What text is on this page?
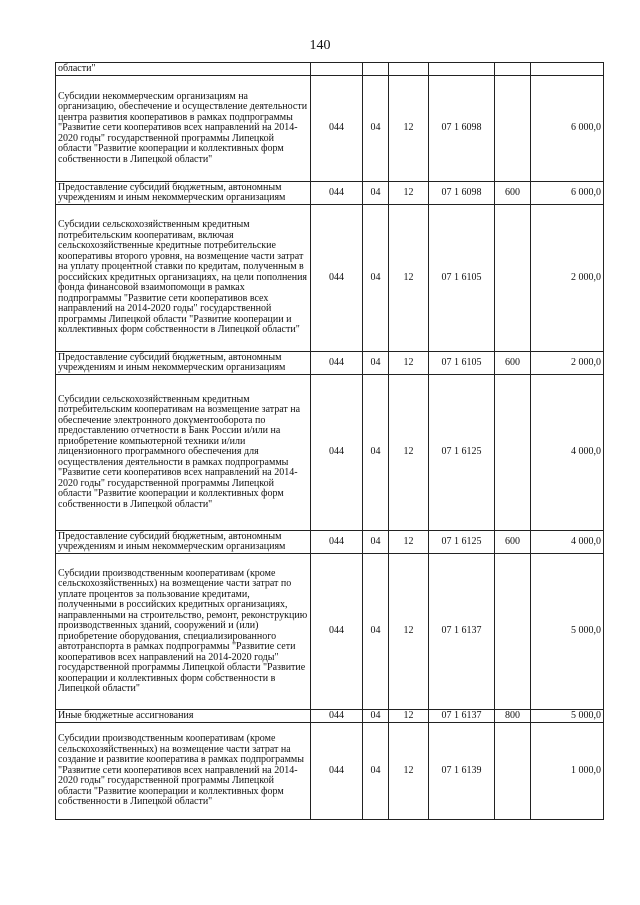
140
области"						
Субсидии некоммерческим организациям на организацию, обеспечение и осуществление деятельности центра развития кооперативов в рамках подпрограммы "Развитие сети кооперативов всех направлений на 2014-2020 годы" государственной программы Липецкой области "Развитие кооперации и коллективных форм собственности в Липецкой области"	044	04	12	07 1 6098		6 000,0
Предоставление субсидий бюджетным, автономным учреждениям и иным некоммерческим организациям	044	04	12	07 1 6098	600	6 000,0
Субсидии сельскохозяйственным кредитным потребительским кооперативам, включая сельскохозяйственные кредитные потребительские кооперативы второго уровня, на возмещение части затрат на уплату процентной ставки по кредитам, полученным в российских кредитных организациях, на цели пополнения фонда финансовой взаимопомощи в рамках подпрограммы "Развитие сети кооперативов всех направлений на 2014-2020 годы" государственной программы Липецкой области "Развитие кооперации и коллективных форм собственности в Липецкой области"	044	04	12	07 1 6105		2 000,0
Предоставление субсидий бюджетным, автономным учреждениям и иным некоммерческим организациям	044	04	12	07 1 6105	600	2 000,0
Субсидии сельскохозяйственным кредитным потребительским кооперативам на возмещение затрат на обеспечение электронного документооборота по предоставлению отчетности в Банк России и/или на приобретение компьютерной техники и/или лицензионного программного обеспечения для осуществления деятельности в рамках подпрограммы "Развитие сети кооперативов всех направлений на 2014-2020 годы" государственной программы Липецкой области "Развитие кооперации и коллективных форм собственности в Липецкой области"	044	04	12	07 1 6125		4 000,0
Предоставление субсидий бюджетным, автономным учреждениям и иным некоммерческим организациям	044	04	12	07 1 6125	600	4 000,0
Субсидии производственным кооперативам (кроме сельскохозяйственных) на возмещение части затрат по уплате процентов за пользование кредитами, полученными в российских кредитных организациях, направленными на строительство, ремонт, реконструкцию производственных зданий, сооружений и (или) приобретение оборудования, специализированного автотранспорта в рамках подпрограммы "Развитие сети кооперативов всех направлений на 2014-2020 годы" государственной программы Липецкой области "Развитие кооперации и коллективных форм собственности в Липецкой области"	044	04	12	07 1 6137		5 000,0
Иные бюджетные ассигнования	044	04	12	07 1 6137	800	5 000,0
Субсидии производственным кооперативам (кроме сельскохозяйственных) на возмещение части затрат на создание и развитие кооператива в рамках подпрограммы "Развитие сети кооперативов всех направлений на 2014-2020 годы" государственной программы Липецкой области "Развитие кооперации и коллективных форм собственности в Липецкой области"	044	04	12	07 1 6139		1 000,0
